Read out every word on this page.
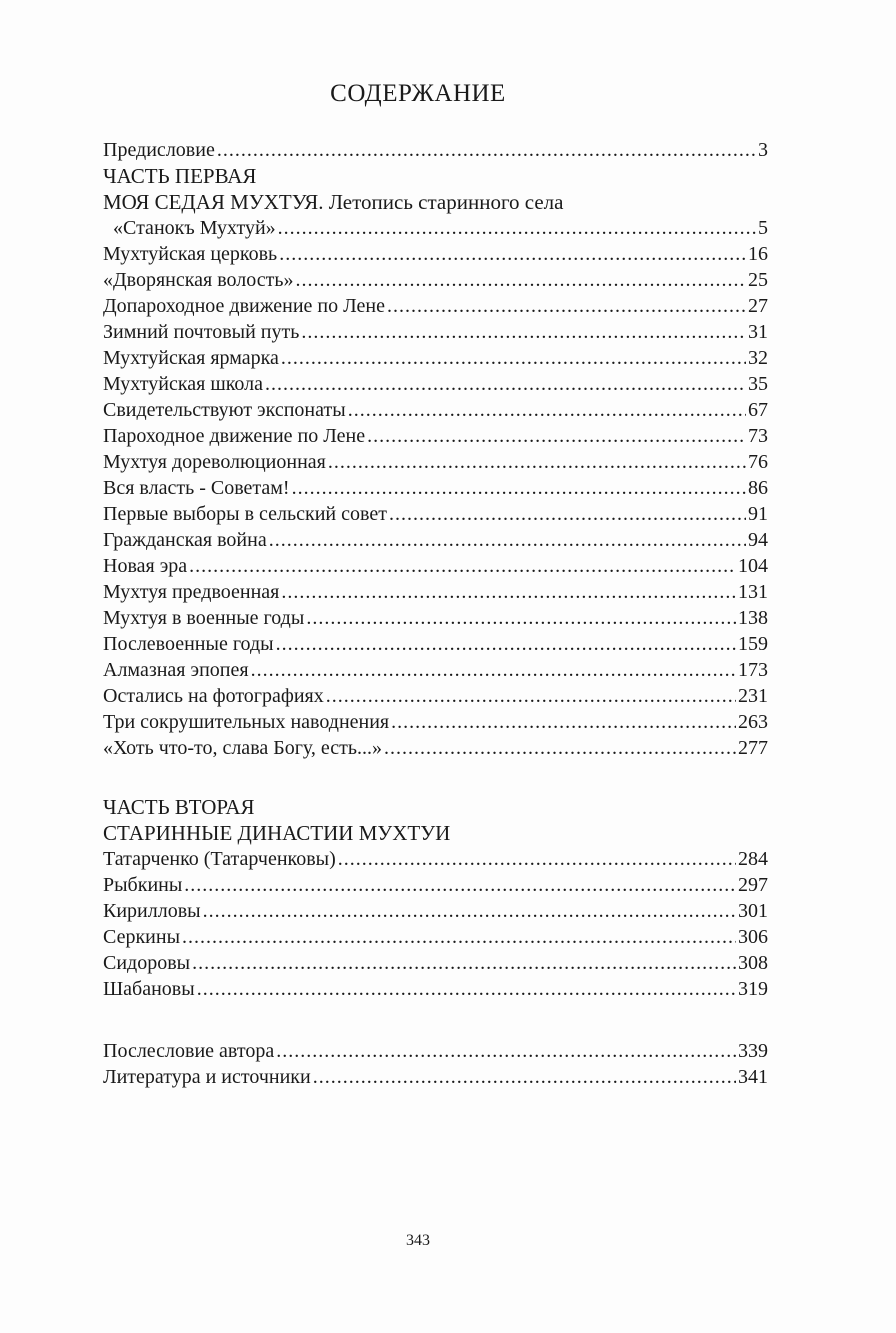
СОДЕРЖАНИЕ
Предисловие .....	3
ЧАСТЬ ПЕРВАЯ
МОЯ СЕДАЯ МУХТУЯ. Летопись старинного села
«Станокъ Мухтуй» .....	5
Мухтуйская церковь .....	16
«Дворянская волость» .....	25
Допароходное движение по Лене .....	27
Зимний почтовый путь .....	31
Мухтуйская ярмарка .....	32
Мухтуйская школа .....	35
Свидетельствуют экспонаты .....	67
Пароходное движение по Лене .....	73
Мухтуя дореволюционная .....	76
Вся власть - Советам! .....	86
Первые выборы в сельский совет .....	91
Гражданская война .....	94
Новая эра .....	104
Мухтуя предвоенная .....	131
Мухтуя в военные годы .....	138
Послевоенные годы .....	159
Алмазная эпопея .....	173
Остались на фотографиях .....	231
Три сокрушительных наводнения .....	263
«Хоть что-то, слава Богу, есть...» .....	277
ЧАСТЬ ВТОРАЯ
СТАРИННЫЕ ДИНАСТИИ МУХТУИ
Татарченко (Татарченковы) .....	284
Рыбкины .....	297
Кирилловы .....	301
Серкины .....	306
Сидоровы .....	308
Шабановы .....	319
Послесловие автора .....	339
Литература и источники .....	341
343
